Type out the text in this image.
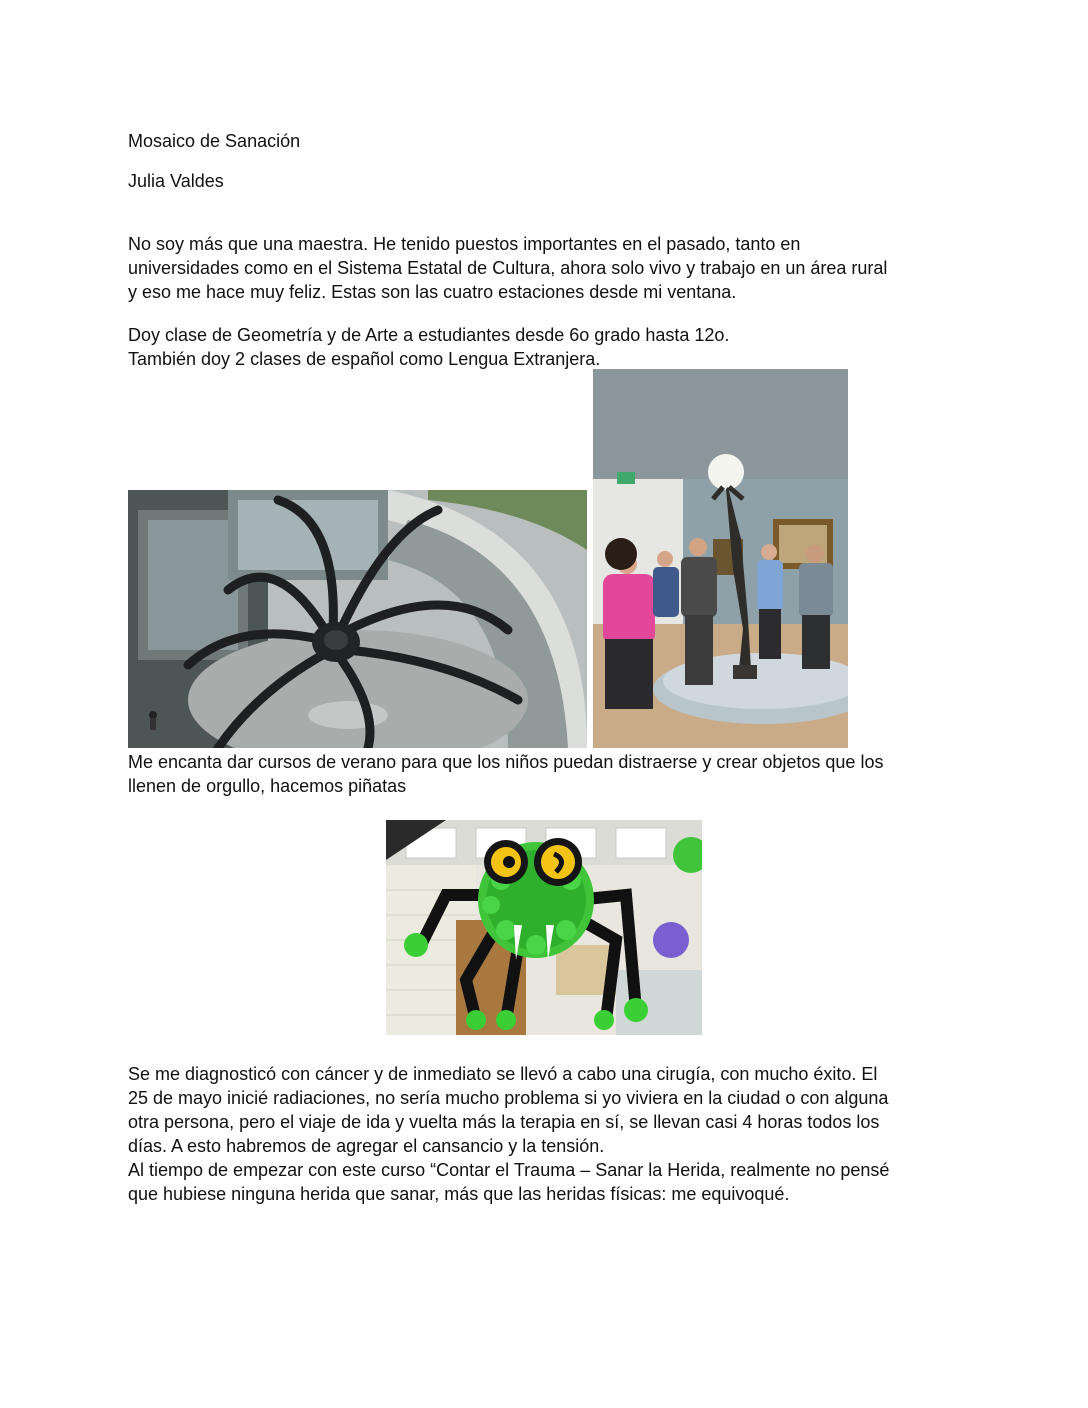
Mosaico de Sanación

Julia Valdes

No soy más que una maestra. He tenido puestos importantes en el pasado, tanto en
universidades como en el Sistema Estatal de Cultura, ahora solo vivo y trabajo en un área rural
y eso me hace muy feliz. Estas son las cuatro estaciones desde mi ventana.
Doy clase de Geometría y de Arte a estudiantes desde 6o grado hasta 12o.
También doy 2 clases de español como Lengua Extranjera.
Me encanta dar cursos de verano para que los niños puedan distraerse y crear objetos que los
llenen de orgullo, hacemos piñatas
Se me diagnosticó con cáncer y de inmediato se llevó a cabo una cirugía, con mucho éxito. El
25 de mayo inicié radiaciones, no sería mucho problema si yo viviera en la ciudad o con alguna
otra persona, pero el viaje de ida y vuelta más la terapia en sí, se llevan casi 4 horas todos los
días. A esto habremos de agregar el cansancio y la tensión.
Al tiempo de empezar con este curso “Contar el Trauma – Sanar la Herida, realmente no pensé
que hubiese ninguna herida que sanar, más que las heridas físicas: me equivoqué.
